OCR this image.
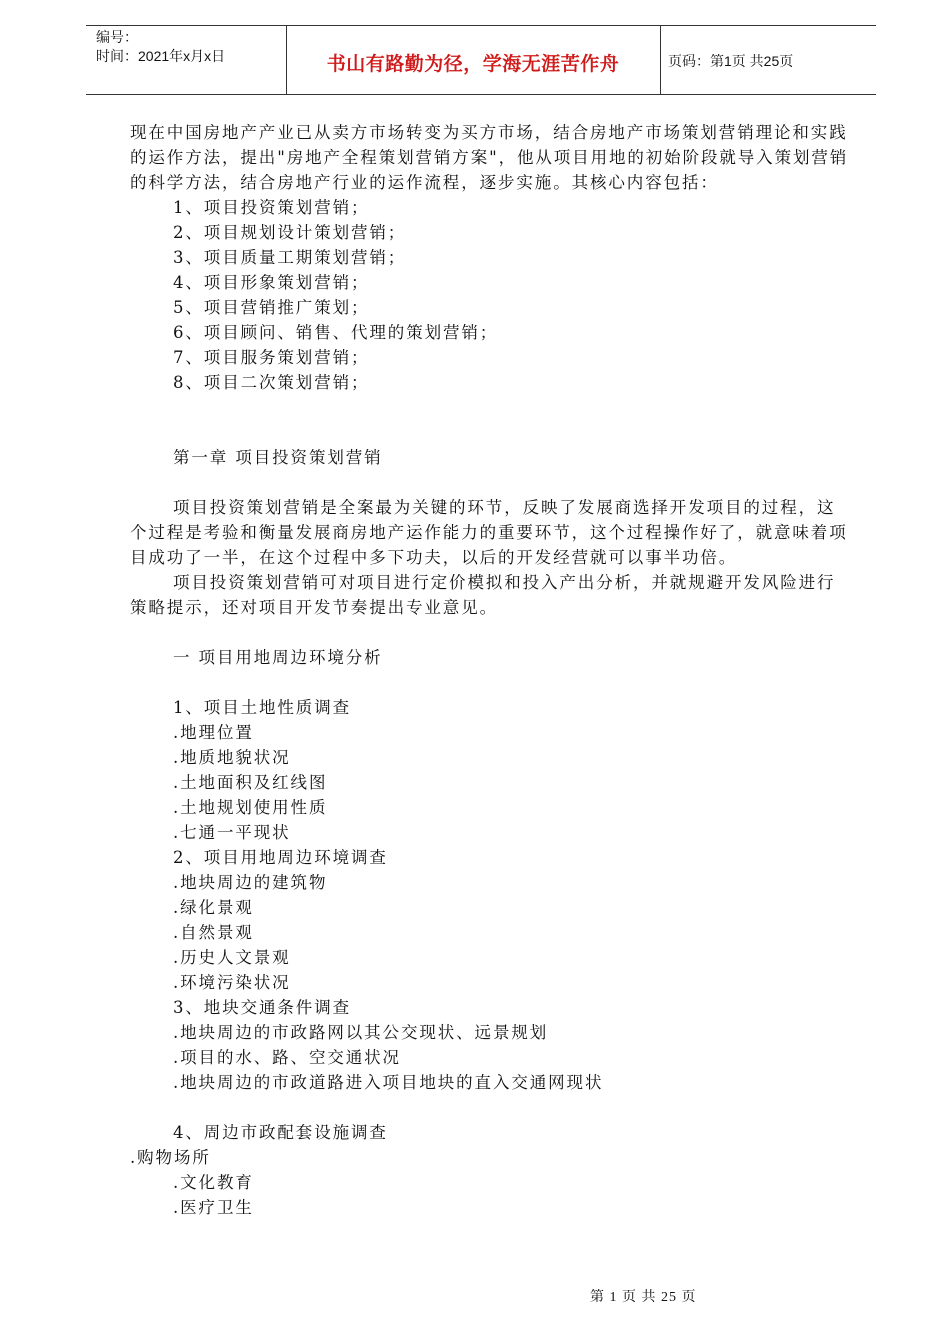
编号：
时间：2021年x月x日	书山有路勤为径，学海无涯苦作舟	页码：第1页 共25页

现在中国房地产产业已从卖方市场转变为买方市场，结合房地产市场策划营销理论和实践的运作方法，提出"房地产全程策划营销方案"，他从项目用地的初始阶段就导入策划营销的科学方法，结合房地产行业的运作流程，逐步实施。其核心内容包括：

1、项目投资策划营销；

2、项目规划设计策划营销；

3、项目质量工期策划营销；

4、项目形象策划营销；

5、项目营销推广策划；

6、项目顾问、销售、代理的策划营销；

7、项目服务策划营销；

8、项目二次策划营销；

第一章 项目投资策划营销

项目投资策划营销是全案最为关键的环节，反映了发展商选择开发项目的过程，这个过程是考验和衡量发展商房地产运作能力的重要环节，这个过程操作好了，就意味着项目成功了一半，在这个过程中多下功夫，以后的开发经营就可以事半功倍。

项目投资策划营销可对项目进行定价模拟和投入产出分析，并就规避开发风险进行策略提示，还对项目开发节奏提出专业意见。

一 项目用地周边环境分析

1、项目土地性质调查

.地理位置

.地质地貌状况

.土地面积及红线图

.土地规划使用性质

.七通一平现状

2、项目用地周边环境调查

.地块周边的建筑物

.绿化景观

.自然景观

.历史人文景观

.环境污染状况

3、地块交通条件调查

.地块周边的市政路网以其公交现状、远景规划

.项目的水、路、空交通状况

.地块周边的市政道路进入项目地块的直入交通网现状

4、周边市政配套设施调查

.购物场所

.文化教育

.医疗卫生

第 1 页 共 25 页
